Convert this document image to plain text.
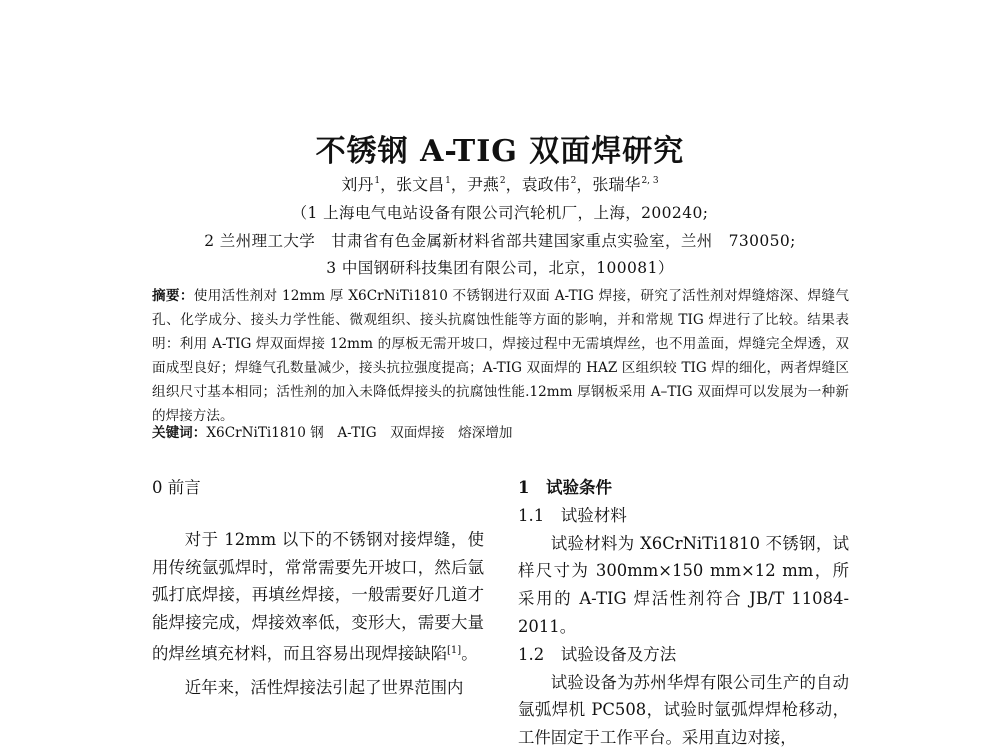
不锈钢 A-TIG 双面焊研究
刘丹$^1$，张文昌$^1$，尹燕$^2$，袁政伟$^2$，张瑞华$^{2, 3}$
（1 上海电气电站设备有限公司汽轮机厂，上海，200240;
2 兰州理工大学　甘肃省有色金属新材料省部共建国家重点实验室，兰州　730050;
3 中国钢研科技集团有限公司，北京，100081）
摘要：使用活性剂对 12mm 厚 X6CrNiTi1810 不锈钢进行双面 A-TIG 焊接，研究了活性剂对焊缝熔深、焊缝气孔、化学成分、接头力学性能、微观组织、接头抗腐蚀性能等方面的影响，并和常规 TIG 焊进行了比较。结果表明：利用 A-TIG 焊双面焊接 12mm 的厚板无需开坡口，焊接过程中无需填焊丝，也不用盖面，焊缝完全焊透，双面成型良好；焊缝气孔数量减少，接头抗拉强度提高；A-TIG 双面焊的 HAZ 区组织较 TIG 焊的细化，两者焊缝区组织尺寸基本相同；活性剂的加入未降低焊接头的抗腐蚀性能.12mm 厚钢板采用 A–TIG 双面焊可以发展为一种新的焊接方法。
关键词：X6CrNiTi1810 钢　A-TIG　双面焊接　熔深增加

0 前言

对于 12mm 以下的不锈钢对接焊缝，使用传统氩弧焊时，常常需要先开坡口，然后氩弧打底焊接，再填丝焊接，一般需要好几道才能焊接完成，焊接效率低，变形大，需要大量的焊丝填充材料，而且容易出现焊接缺陷[1]。

近年来，活性焊接法引起了世界范围内

1　试验条件

1.1　试验材料

试验材料为 X6CrNiTi1810 不锈钢，试样尺寸为 300mm×150 mm×12 mm，所采用的 A-TIG 焊活性剂符合 JB/T 11084-2011。

1.2　试验设备及方法

试验设备为苏州华焊有限公司生产的自动氩弧焊机 PC508，试验时氩弧焊焊枪移动，工件固定于工作平台。采用直边对接，
